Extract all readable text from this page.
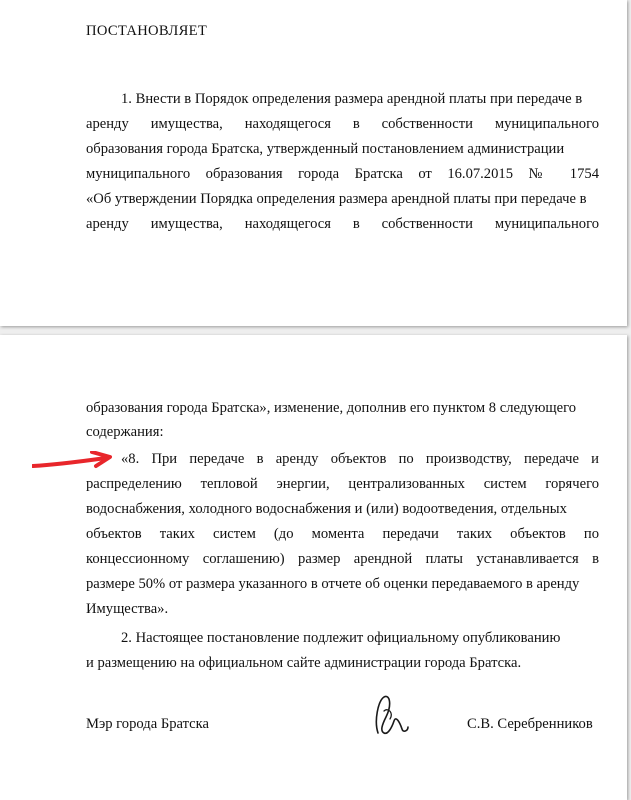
ПОСТАНОВЛЯЕТ

1. Внести в Порядок определения размера арендной платы при передаче в

аренду имущества, находящегося в собственности муниципального

образования города Братска, утвержденный постановлением администрации

муниципального образования города Братска от 16.07.2015 № 1754

«Об утверждении Порядка определения размера арендной платы при передаче в

аренду имущества, находящегося в собственности муниципального

образования города Братска», изменение, дополнив его пунктом 8 следующего

содержания:

«8. При передаче в аренду объектов по производству, передаче и

распределению тепловой энергии, централизованных систем горячего

водоснабжения, холодного водоснабжения и (или) водоотведения, отдельных

объектов таких систем (до момента передачи таких объектов по

концессионному соглашению) размер арендной платы устанавливается в

размере 50% от размера указанного в отчете об оценки передаваемого в аренду

Имущества».

2. Настоящее постановление подлежит официальному опубликованию

и размещению на официальном сайте администрации города Братска.

Мэр города Братска	С.В. Серебренников
